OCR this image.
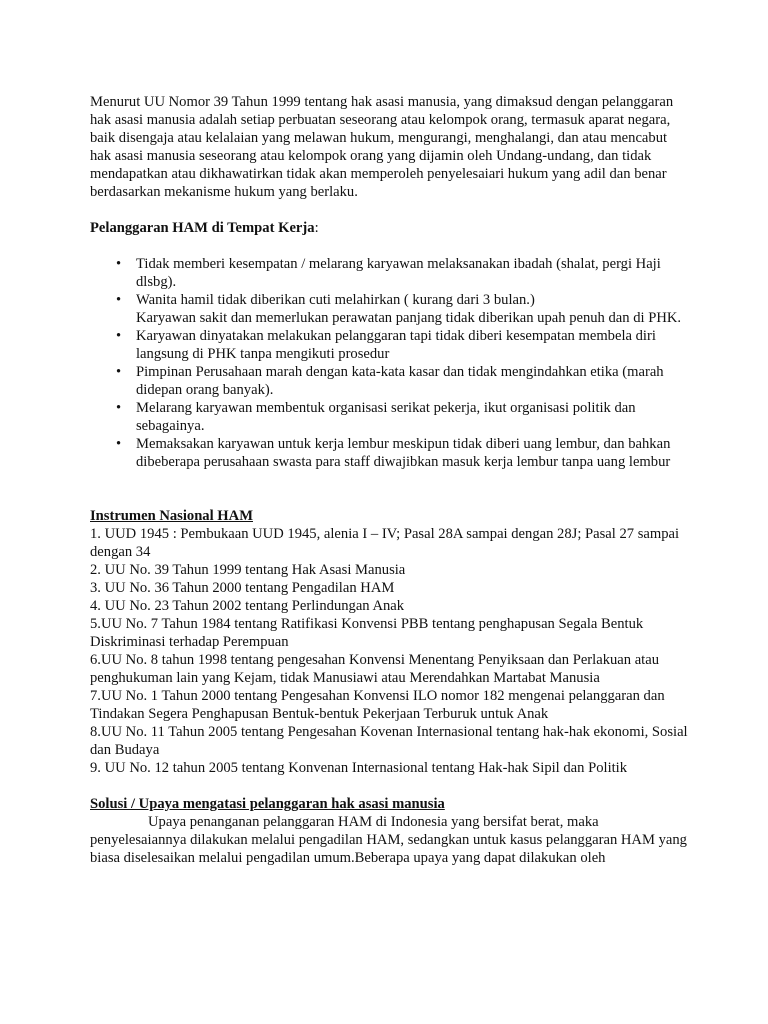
Menurut UU Nomor 39 Tahun 1999 tentang hak asasi manusia, yang dimaksud dengan pelanggaran hak asasi manusia adalah setiap perbuatan seseorang atau kelompok orang, termasuk aparat negara, baik disengaja atau kelalaian yang melawan hukum, mengurangi, menghalangi, dan atau mencabut hak asasi manusia seseorang atau kelompok orang yang dijamin oleh Undang-undang, dan tidak mendapatkan atau dikhawatirkan tidak akan memperoleh penyelesaiari hukum yang adil dan benar berdasarkan mekanisme hukum yang berlaku.

Pelanggaran HAM di Tempat Kerja:

• Tidak memberi kesempatan / melarang karyawan melaksanakan ibadah (shalat, pergi Haji dlsbg).
• Wanita hamil tidak diberikan cuti melahirkan ( kurang dari 3 bulan.)
Karyawan sakit dan memerlukan perawatan panjang tidak diberikan upah penuh dan di PHK.
• Karyawan dinyatakan melakukan pelanggaran tapi tidak diberi kesempatan membela diri langsung di PHK tanpa mengikuti prosedur
• Pimpinan Perusahaan marah dengan kata-kata kasar dan tidak mengindahkan etika (marah didepan orang banyak).
• Melarang karyawan membentuk organisasi serikat pekerja, ikut organisasi politik dan sebagainya.
• Memaksakan karyawan untuk kerja lembur meskipun tidak diberi uang lembur, dan bahkan dibeberapa perusahaan swasta para staff diwajibkan masuk kerja lembur tanpa uang lembur

Instrumen Nasional HAM

1. UUD 1945 : Pembukaan UUD 1945, alenia I – IV; Pasal 28A sampai dengan 28J; Pasal 27 sampai dengan 34

2. UU No. 39 Tahun 1999 tentang Hak Asasi Manusia

3. UU No. 36 Tahun 2000 tentang Pengadilan HAM

4. UU No. 23 Tahun 2002 tentang Perlindungan Anak

5.UU No. 7 Tahun 1984 tentang Ratifikasi Konvensi PBB tentang penghapusan Segala Bentuk Diskriminasi terhadap Perempuan

6.UU No. 8 tahun 1998 tentang pengesahan Konvensi Menentang Penyiksaan dan Perlakuan atau penghukuman lain yang Kejam, tidak Manusiawi atau Merendahkan Martabat Manusia

7.UU No. 1 Tahun 2000 tentang Pengesahan Konvensi ILO nomor 182 mengenai pelanggaran dan Tindakan Segera Penghapusan Bentuk-bentuk Pekerjaan Terburuk untuk Anak

8.UU No. 11 Tahun 2005 tentang Pengesahan Kovenan Internasional tentang hak-hak ekonomi, Sosial dan Budaya

9. UU No. 12 tahun 2005 tentang Konvenan Internasional tentang Hak-hak Sipil dan Politik

Solusi / Upaya mengatasi pelanggaran hak asasi manusia

Upaya penanganan pelanggaran HAM di Indonesia yang bersifat berat, maka penyelesaiannya dilakukan melalui pengadilan HAM, sedangkan untuk kasus pelanggaran HAM yang biasa diselesaikan melalui pengadilan umum.Beberapa upaya yang dapat dilakukan oleh
